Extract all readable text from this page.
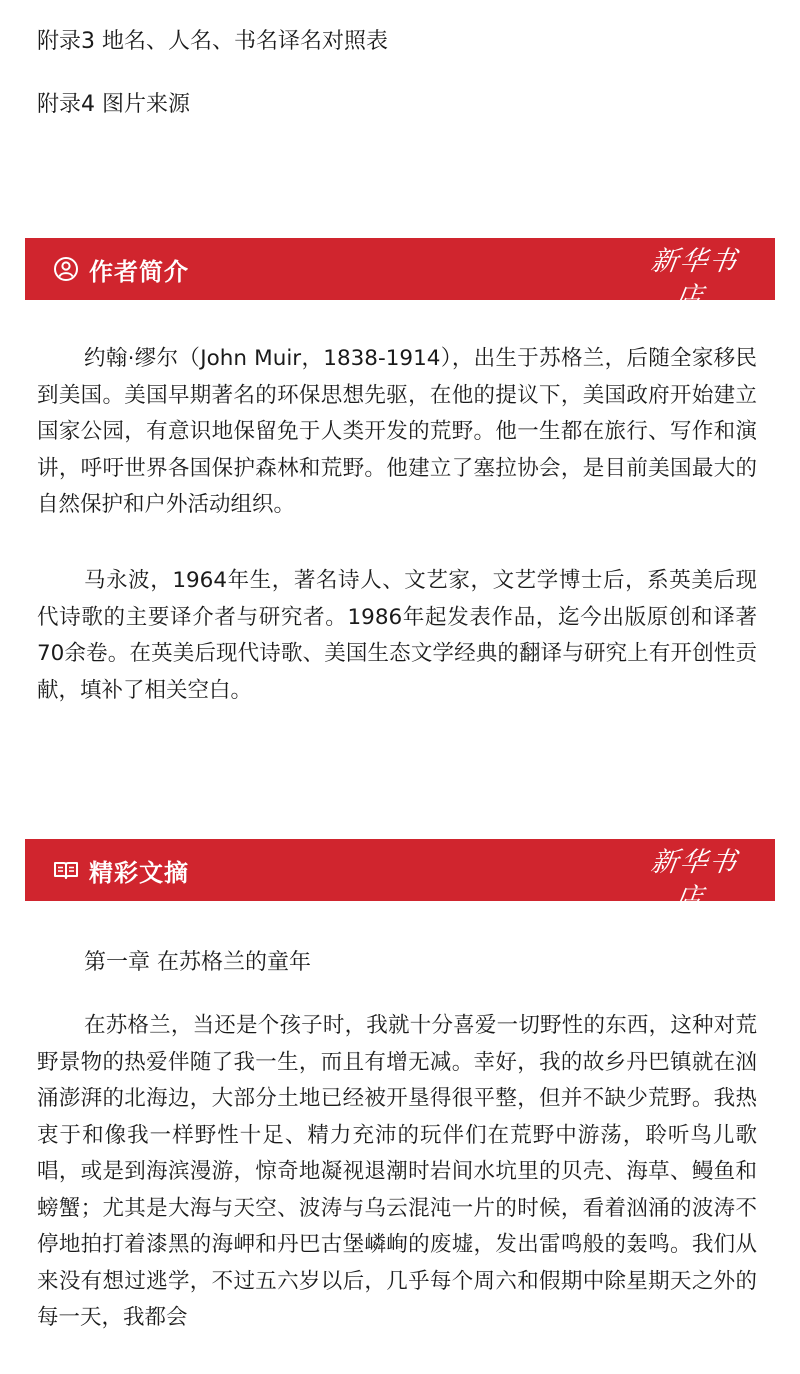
附录3 地名、人名、书名译名对照表
附录4 图片来源
作者简介	新华书店
XINHUA BOOKSTORE

约翰·缪尔（John Muir，1838-1914），出生于苏格兰，后随全家移民到美国。美国早期著名的环保思想先驱，在他的提议下，美国政府开始建立国家公园，有意识地保留免于人类开发的荒野。他一生都在旅行、写作和演讲，呼吁世界各国保护森林和荒野。他建立了塞拉协会，是目前美国最大的自然保护和户外活动组织。

马永波，1964年生，著名诗人、文艺家，文艺学博士后，系英美后现代诗歌的主要译介者与研究者。1986年起发表作品，迄今出版原创和译著70余卷。在英美后现代诗歌、美国生态文学经典的翻译与研究上有开创性贡献，填补了相关空白。

精彩文摘	新华书店
XINHUA BOOKSTORE
第一章 在苏格兰的童年

在苏格兰，当还是个孩子时，我就十分喜爱一切野性的东西，这种对荒野景物的热爱伴随了我一生，而且有增无减。幸好，我的故乡丹巴镇就在汹涌澎湃的北海边，大部分土地已经被开垦得很平整，但并不缺少荒野。我热衷于和像我一样野性十足、精力充沛的玩伴们在荒野中游荡，聆听鸟儿歌唱，或是到海滨漫游，惊奇地凝视退潮时岩间水坑里的贝壳、海草、鳗鱼和螃蟹；尤其是大海与天空、波涛与乌云混沌一片的时候，看着汹涌的波涛不停地拍打着漆黑的海岬和丹巴古堡嶙峋的废墟，发出雷鸣般的轰鸣。我们从来没有想过逃学，不过五六岁以后，几乎每个周六和假期中除星期天之外的每一天，我都会
